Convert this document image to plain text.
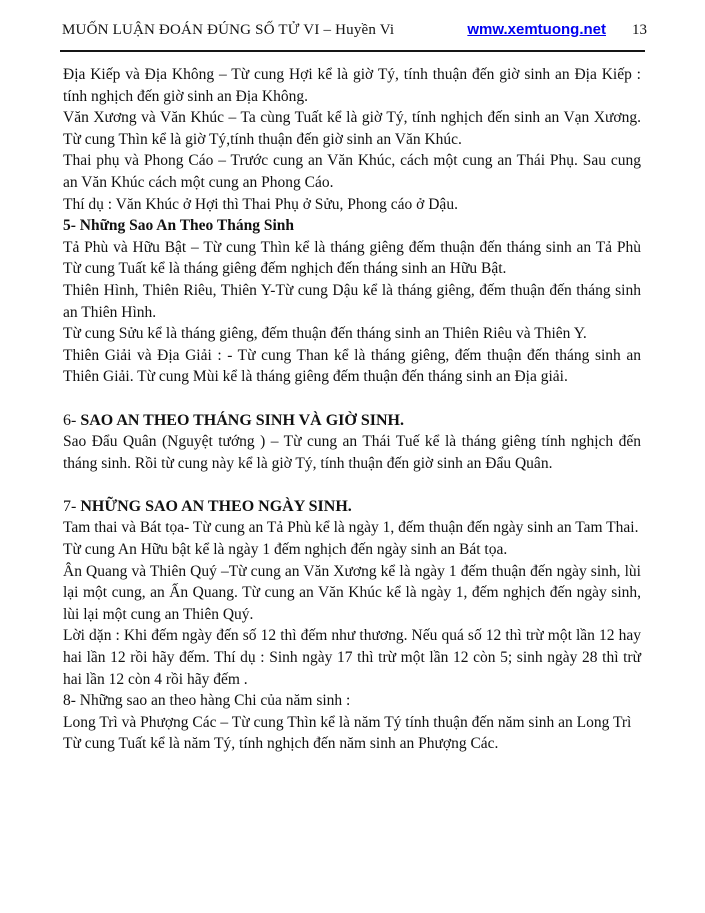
MUỐN LUẬN ĐOÁN ĐÚNG SỐ TỬ VI – Huyền Vi	wmw.xemtuong.net 13

Địa Kiếp và Địa Không – Từ cung Hợi kể là giờ Tý, tính thuận đến giờ sinh an Địa Kiếp : tính nghịch đến giờ sinh an Địa Không.

Văn Xương và Văn Khúc – Ta cùng Tuất kể là giờ Tý, tính nghịch đến sinh an Vạn Xương. Từ cung Thìn kể là giờ Tý,tính thuận đến giờ sinh an Văn Khúc.

Thai phụ và Phong Cáo – Trước cung an Văn Khúc, cách một cung an Thái Phụ. Sau cung an Văn Khúc cách một cung an Phong Cáo.

Thí dụ : Văn Khúc ở Hợi thì Thai Phụ ở Sửu, Phong cáo ở Dậu.

5- Những Sao An Theo Tháng Sinh

Tả Phù và Hữu Bật – Từ cung Thìn kể là tháng giêng đếm thuận đến tháng sinh an Tả Phù Từ cung Tuất kể là tháng giêng đếm nghịch đến tháng sinh an Hữu Bật.

Thiên Hình, Thiên Riêu, Thiên Y-Từ cung Dậu kể là tháng giêng, đếm thuận đến tháng sinh an Thiên Hình.

Từ cung Sửu kể là tháng giêng, đếm thuận đến tháng sinh an Thiên Riêu và Thiên Y.

Thiên Giải và Địa Giải : - Từ cung Than kể là tháng giêng, đếm thuận đến tháng sinh an Thiên Giải. Từ cung Mùi kể là tháng giêng đếm thuận đến tháng sinh an Địa giải.

6- SAO AN THEO THÁNG SINH VÀ GIỜ SINH.

Sao Đẩu Quân (Nguyệt tướng ) – Từ cung an Thái Tuế kể là tháng giêng tính nghịch đến tháng sinh. Rồi từ cung này kể là giờ Tý, tính thuận đến giờ sinh an Đẩu Quân.

7- NHỮNG SAO AN THEO NGÀY SINH.

Tam thai và Bát tọa- Từ cung an Tả Phù kể là ngày 1, đếm thuận đến ngày sinh an Tam Thai.

Từ cung An Hữu bật kể là ngày 1 đếm nghịch đến ngày sinh an Bát tọa.

Ân Quang và Thiên Quý –Từ cung an Văn Xương kể là ngày 1 đếm thuận đến ngày sinh, lùi lại một cung, an Ấn Quang. Từ cung an Văn Khúc kể là ngày 1, đếm nghịch đến ngày sinh, lùi lại một cung an Thiên Quý.

Lời dặn : Khi đếm ngày đến số 12 thì đếm như thương. Nếu quá số 12 thì trừ một lần 12 hay hai lần 12 rồi hãy đếm. Thí dụ : Sinh ngày 17 thì trừ một lần 12 còn 5; sinh ngày 28 thì trừ hai lần 12 còn 4 rồi hãy đếm .

8- Những sao an theo hàng Chi của năm sinh :

Long Trì và Phượng Các – Từ cung Thìn kể là năm Tý tính thuận đến năm sinh an Long Trì

Từ cung Tuất kể là năm Tý, tính nghịch đến năm sinh an Phượng Các.
